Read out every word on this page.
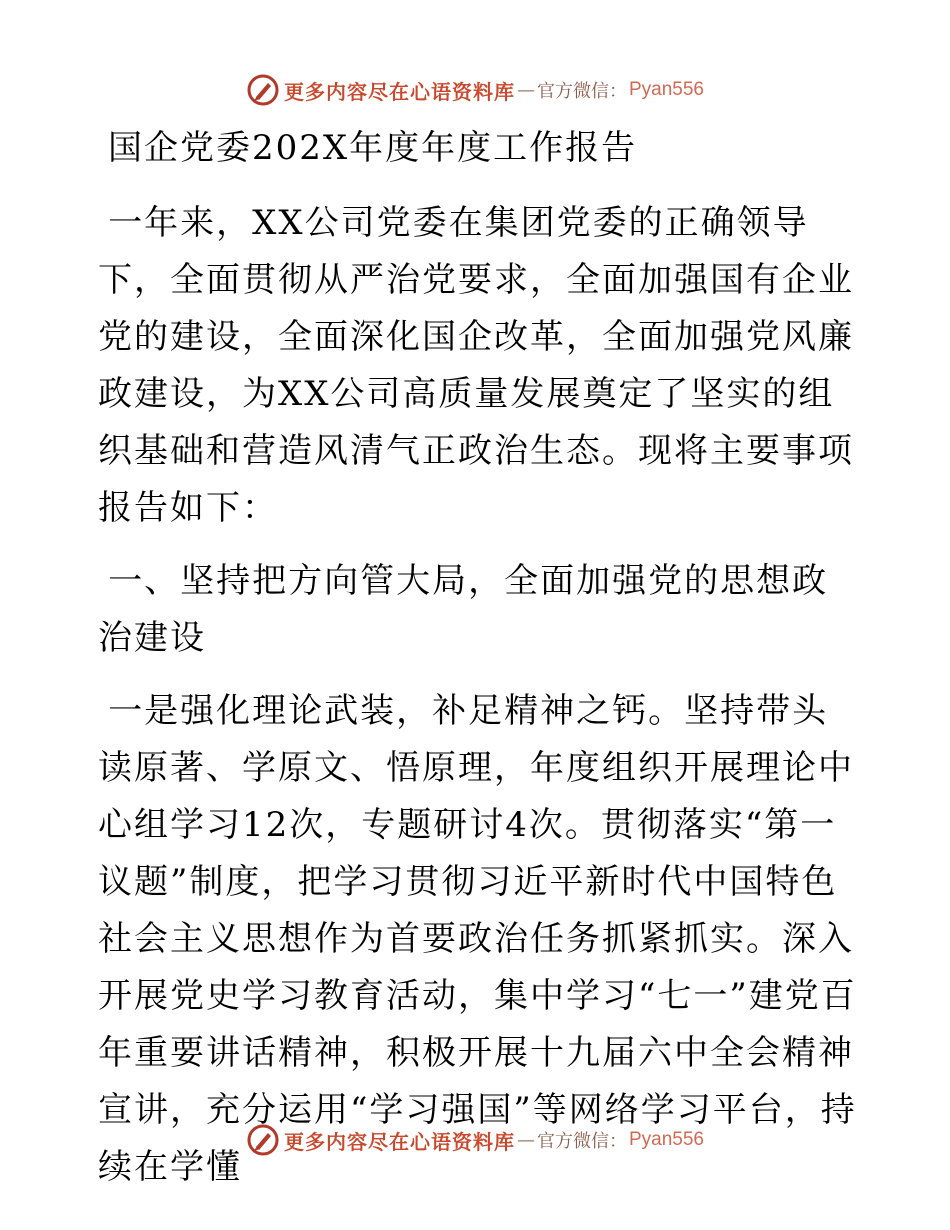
更多内容尽在心语资料库 — 官方微信： Pyan556

国企党委202X年度年度工作报告

一年来，XX公司党委在集团党委的正确领导下，全面贯彻从严治党要求，全面加强国有企业党的建设，全面深化国企改革，全面加强党风廉政建设，为XX公司高质量发展奠定了坚实的组织基础和营造风清气正政治生态。现将主要事项报告如下：

一、坚持把方向管大局，全面加强党的思想政治建设

一是强化理论武装，补足精神之钙。坚持带头读原著、学原文、悟原理，年度组织开展理论中心组学习12次，专题研讨4次。贯彻落实“第一议题”制度，把学习贯彻习近平新时代中国特色社会主义思想作为首要政治任务抓紧抓实。深入开展党史学习教育活动，集中学习“七一”建党百年重要讲话精神，积极开展十九届六中全会精神宣讲，充分运用“学习强国”等网络学习平台，持续在学懂

更多内容尽在心语资料库 — 官方微信： Pyan556
